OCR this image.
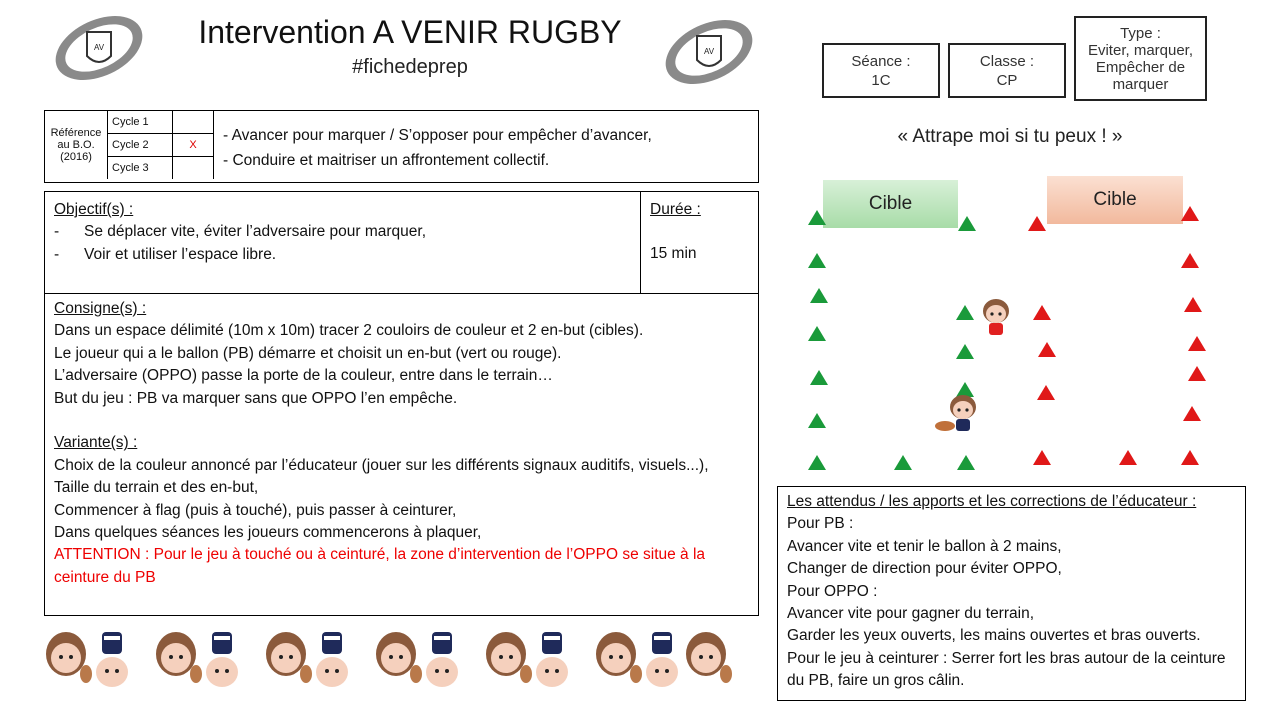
AV	AV
Intervention A VENIR RUGBY
#fichedeprep	Séance :
1C
Classe :
CP
Type :
Eviter, marquer,
Empêcher de
marquer
Référence au B.O. (2016)	Cycle 1	
	Cycle 2	X
	Cycle 3	
- Avancer pour marquer / S’opposer pour empêcher d’avancer,
- Conduire et maitriser un affrontement collectif.
Objectif(s) :
- Se déplacer vite, éviter l’adversaire pour marquer,
- Voir et utiliser l’espace libre.
Durée :
15 min
Consigne(s) :
Dans un espace délimité (10m x 10m) tracer 2 couloirs de couleur et 2 en-but (cibles).
Le joueur qui a le ballon (PB) démarre et choisit un en-but (vert ou rouge).
L’adversaire (OPPO) passe la porte de la couleur, entre dans le terrain…
But du jeu : PB va marquer sans que OPPO l’en empêche.
Variante(s) :
Choix de la couleur annoncé par l’éducateur (jouer sur les différents signaux auditifs, visuels...),
Taille du terrain et des en-but,
Commencer à flag (puis à touché), puis passer à ceinturer,
Dans quelques séances les joueurs commencerons à plaquer,
ATTENTION : Pour le jeu à touché ou à ceinturé, la zone d’intervention de l’OPPO se situe à la ceinture du PB
« Attrape moi si tu peux ! »
Cible	Cible
Les attendus / les apports et les corrections de l’éducateur :
Pour PB :
Avancer vite et tenir le ballon à 2 mains,
Changer de direction pour éviter OPPO,
Pour OPPO :
Avancer vite pour gagner du terrain,
Garder les yeux ouverts, les mains ouvertes et bras ouverts.
Pour le jeu à ceinturer : Serrer fort les bras autour de la ceinture du PB, faire un gros câlin.
